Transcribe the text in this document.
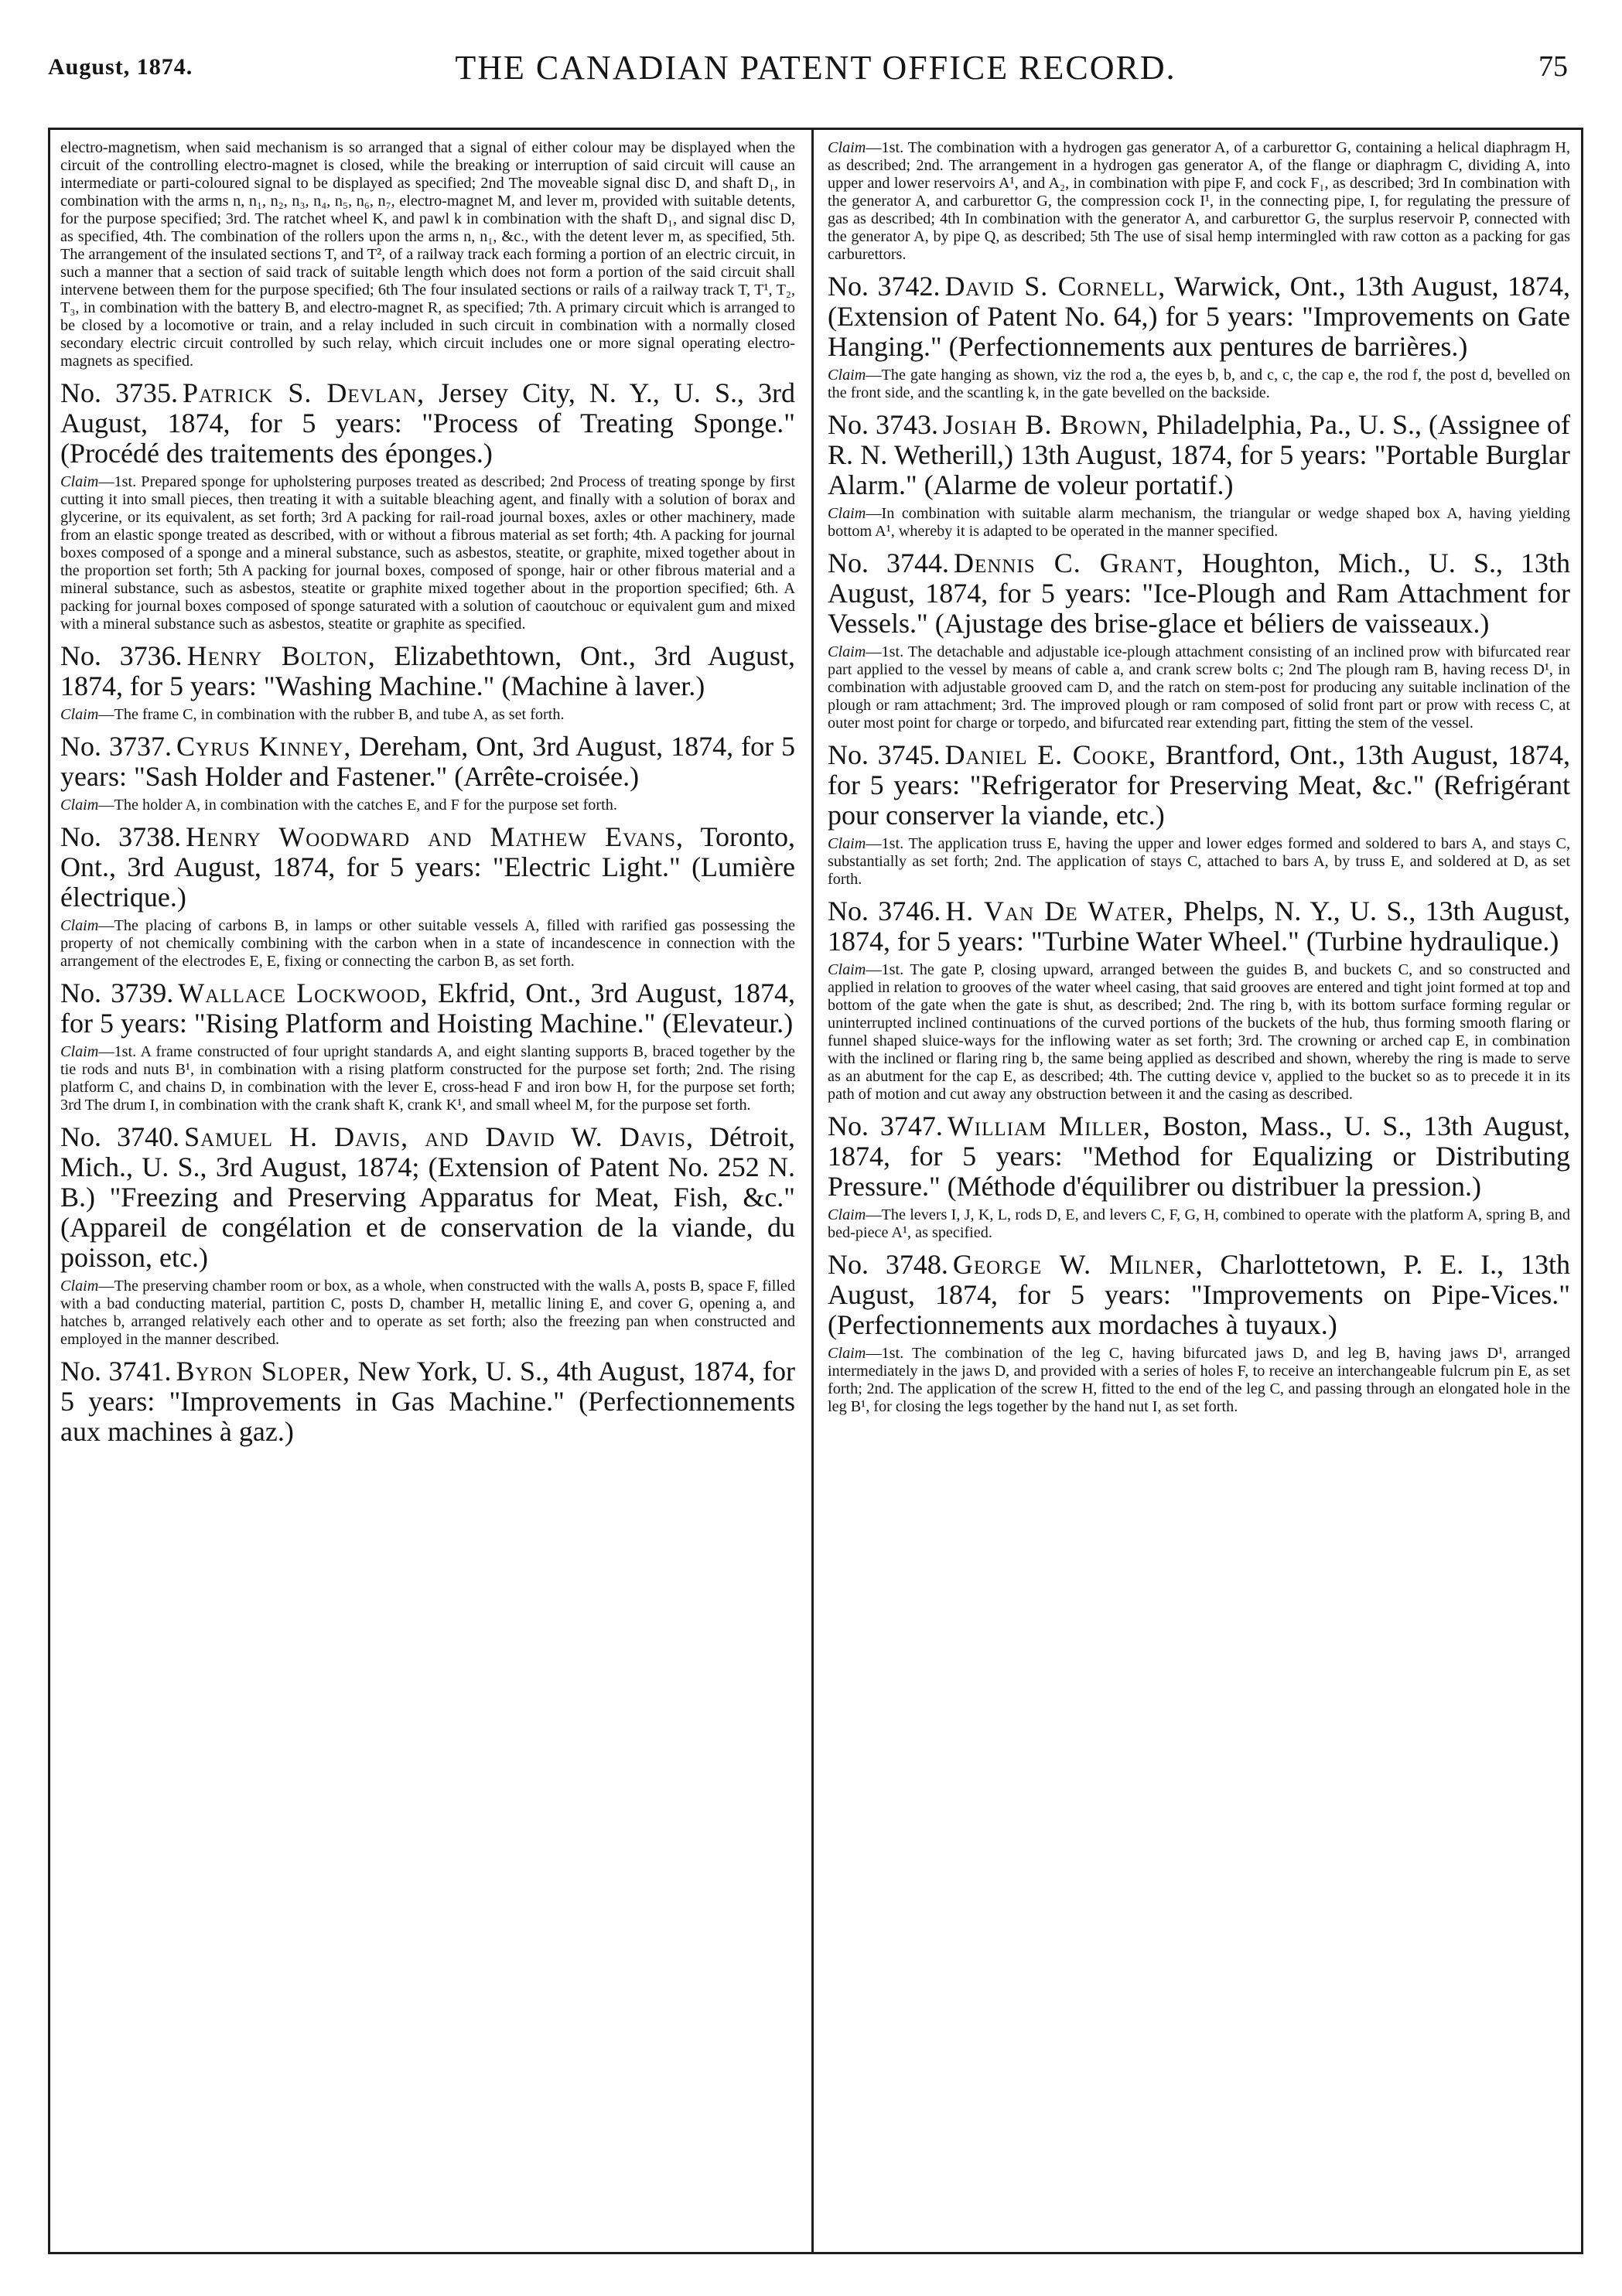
August, 1874.	THE CANADIAN PATENT OFFICE RECORD.	75

electro-magnetism, when said mechanism is so arranged that a signal of either colour may be displayed when the circuit of the controlling electro-magnet is closed, while the breaking or interruption of said circuit will cause an intermediate or parti-coloured signal to be displayed as specified; 2nd The moveable signal disc D, and shaft D₁, in combination with the arms n, n₁, n₂, n₃, n₄, n₅, n₆, n₇, electro-magnet M, and lever m, provided with suitable detents, for the purpose specified; 3rd. The ratchet wheel K, and pawl k in combination with the shaft D₁, and signal disc D, as specified, 4th. The combination of the rollers upon the arms n, n₁, &c., with the detent lever m, as specified, 5th. The arrangement of the insulated sections T, and T², of a railway track each forming a portion of an electric circuit, in such a manner that a section of said track of suitable length which does not form a portion of the said circuit shall intervene between them for the purpose specified; 6th The four insulated sections or rails of a railway track T, T¹, T₂, T₃, in combination with the battery B, and electro-magnet R, as specified; 7th. A primary circuit which is arranged to be closed by a locomotive or train, and a relay included in such circuit in combination with a normally closed secondary electric circuit controlled by such relay, which circuit includes one or more signal operating electro-magnets as specified.

No. 3735. Patrick S. Devlan, Jersey City, N. Y., U. S., 3rd August, 1874, for 5 years: "Process of Treating Sponge." (Procédé des traitements des éponges.)

Claim—1st. Prepared sponge for upholstering purposes treated as described; 2nd Process of treating sponge by first cutting it into small pieces, then treating it with a suitable bleaching agent, and finally with a solution of borax and glycerine, or its equivalent, as set forth; 3rd A packing for rail-road journal boxes, axles or other machinery, made from an elastic sponge treated as described, with or without a fibrous material as set forth; 4th. A packing for journal boxes composed of a sponge and a mineral substance, such as asbestos, steatite, or graphite, mixed together about in the proportion set forth; 5th A packing for journal boxes, composed of sponge, hair or other fibrous material and a mineral substance, such as asbestos, steatite or graphite mixed together about in the proportion specified; 6th. A packing for journal boxes composed of sponge saturated with a solution of caoutchouc or equivalent gum and mixed with a mineral substance such as asbestos, steatite or graphite as specified.

No. 3736. Henry Bolton, Elizabethtown, Ont., 3rd August, 1874, for 5 years: "Washing Machine." (Machine à laver.)

Claim—The frame C, in combination with the rubber B, and tube A, as set forth.

No. 3737. Cyrus Kinney, Dereham, Ont, 3rd August, 1874, for 5 years: "Sash Holder and Fastener." (Arrête-croisée.)

Claim—The holder A, in combination with the catches E, and F for the purpose set forth.

No. 3738. Henry Woodward and Mathew Evans, Toronto, Ont., 3rd August, 1874, for 5 years: "Electric Light." (Lumière électrique.)

Claim—The placing of carbons B, in lamps or other suitable vessels A, filled with rarified gas possessing the property of not chemically combining with the carbon when in a state of incandescence in connection with the arrangement of the electrodes E, E, fixing or connecting the carbon B, as set forth.

No. 3739. Wallace Lockwood, Ekfrid, Ont., 3rd August, 1874, for 5 years: "Rising Platform and Hoisting Machine." (Elevateur.)

Claim—1st. A frame constructed of four upright standards A, and eight slanting supports B, braced together by the tie rods and nuts B¹, in combination with a rising platform constructed for the purpose set forth; 2nd. The rising platform C, and chains D, in combination with the lever E, cross-head F and iron bow H, for the purpose set forth; 3rd The drum I, in combination with the crank shaft K, crank K¹, and small wheel M, for the purpose set forth.

No. 3740. Samuel H. Davis, and David W. Davis, Détroit, Mich., U. S., 3rd August, 1874; (Extension of Patent No. 252 N. B.) "Freezing and Preserving Apparatus for Meat, Fish, &c." (Appareil de congélation et de conservation de la viande, du poisson, etc.)

Claim—The preserving chamber room or box, as a whole, when constructed with the walls A, posts B, space F, filled with a bad conducting material, partition C, posts D, chamber H, metallic lining E, and cover G, opening a, and hatches b, arranged relatively each other and to operate as set forth; also the freezing pan when constructed and employed in the manner described.

No. 3741. Byron Sloper, New York, U. S., 4th August, 1874, for 5 years: "Improvements in Gas Machine." (Perfectionnements aux machines à gaz.)

Claim—1st. The combination with a hydrogen gas generator A, of a carburettor G, containing a helical diaphragm H, as described; 2nd. The arrangement in a hydrogen gas generator A, of the flange or diaphragm C, dividing A, into upper and lower reservoirs A¹, and A₂, in combination with pipe F, and cock F₁, as described; 3rd In combination with the generator A, and carburettor G, the compression cock I¹, in the connecting pipe, I, for regulating the pressure of gas as described; 4th In combination with the generator A, and carburettor G, the surplus reservoir P, connected with the generator A, by pipe Q, as described; 5th The use of sisal hemp intermingled with raw cotton as a packing for gas carburettors.

No. 3742. David S. Cornell, Warwick, Ont., 13th August, 1874, (Extension of Patent No. 64,) for 5 years: "Improvements on Gate Hanging." (Perfectionnements aux pentures de barrières.)

Claim—The gate hanging as shown, viz the rod a, the eyes b, b, and c, c, the cap e, the rod f, the post d, bevelled on the front side, and the scantling k, in the gate bevelled on the backside.

No. 3743. Josiah B. Brown, Philadelphia, Pa., U. S., (Assignee of R. N. Wetherill,) 13th August, 1874, for 5 years: "Portable Burglar Alarm." (Alarme de voleur portatif.)

Claim—In combination with suitable alarm mechanism, the triangular or wedge shaped box A, having yielding bottom A¹, whereby it is adapted to be operated in the manner specified.

No. 3744. Dennis C. Grant, Houghton, Mich., U. S., 13th August, 1874, for 5 years: "Ice-Plough and Ram Attachment for Vessels." (Ajustage des brise-glace et béliers de vaisseaux.)

Claim—1st. The detachable and adjustable ice-plough attachment consisting of an inclined prow with bifurcated rear part applied to the vessel by means of cable a, and crank screw bolts c; 2nd The plough ram B, having recess D¹, in combination with adjustable grooved cam D, and the ratch on stem-post for producing any suitable inclination of the plough or ram attachment; 3rd. The improved plough or ram composed of solid front part or prow with recess C, at outer most point for charge or torpedo, and bifurcated rear extending part, fitting the stem of the vessel.

No. 3745. Daniel E. Cooke, Brantford, Ont., 13th August, 1874, for 5 years: "Refrigerator for Preserving Meat, &c." (Refrigérant pour conserver la viande, etc.)

Claim—1st. The application truss E, having the upper and lower edges formed and soldered to bars A, and stays C, substantially as set forth; 2nd. The application of stays C, attached to bars A, by truss E, and soldered at D, as set forth.

No. 3746. H. Van De Water, Phelps, N. Y., U. S., 13th August, 1874, for 5 years: "Turbine Water Wheel." (Turbine hydraulique.)

Claim—1st. The gate P, closing upward, arranged between the guides B, and buckets C, and so constructed and applied in relation to grooves of the water wheel casing, that said grooves are entered and tight joint formed at top and bottom of the gate when the gate is shut, as described; 2nd. The ring b, with its bottom surface forming regular or uninterrupted inclined continuations of the curved portions of the buckets of the hub, thus forming smooth flaring or funnel shaped sluice-ways for the inflowing water as set forth; 3rd. The crowning or arched cap E, in combination with the inclined or flaring ring b, the same being applied as described and shown, whereby the ring is made to serve as an abutment for the cap E, as described; 4th. The cutting device v, applied to the bucket so as to precede it in its path of motion and cut away any obstruction between it and the casing as described.

No. 3747. William Miller, Boston, Mass., U. S., 13th August, 1874, for 5 years: "Method for Equalizing or Distributing Pressure." (Méthode d'équilibrer ou distribuer la pression.)

Claim—The levers I, J, K, L, rods D, E, and levers C, F, G, H, combined to operate with the platform A, spring B, and bed-piece A¹, as specified.

No. 3748. George W. Milner, Charlottetown, P. E. I., 13th August, 1874, for 5 years: "Improvements on Pipe-Vices." (Perfectionnements aux mordaches à tuyaux.)

Claim—1st. The combination of the leg C, having bifurcated jaws D, and leg B, having jaws D¹, arranged intermediately in the jaws D, and provided with a series of holes F, to receive an interchangeable fulcrum pin E, as set forth; 2nd. The application of the screw H, fitted to the end of the leg C, and passing through an elongated hole in the leg B¹, for closing the legs together by the hand nut I, as set forth.
